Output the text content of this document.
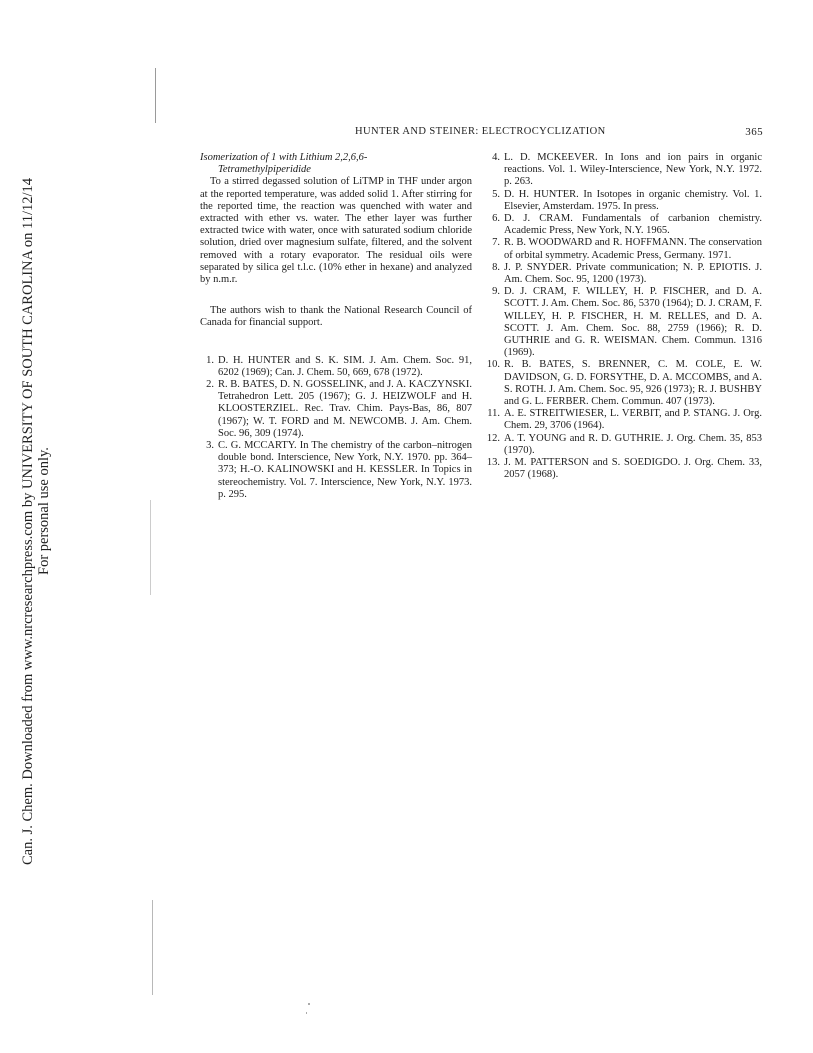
Can. J. Chem. Downloaded from www.nrcresearchpress.com by UNIVERSITY OF SOUTH CAROLINA on 11/12/14 For personal use only.
HUNTER AND STEINER: ELECTROCYCLIZATION	365
Isomerization of 1 with Lithium 2,2,6,6-
Tetramethylpiperidide

To a stirred degassed solution of LiTMP in THF under argon at the reported temperature, was added solid 1. After stirring for the reported time, the reaction was quenched with water and extracted with ether vs. water. The ether layer was further extracted twice with water, once with saturated sodium chloride solution, dried over magnesium sulfate, filtered, and the solvent removed with a rotary evaporator. The residual oils were separated by silica gel t.l.c. (10% ether in hexane) and analyzed by n.m.r.

The authors wish to thank the National Research Council of Canada for financial support.

1. D. H. HUNTER and S. K. SIM. J. Am. Chem. Soc. 91, 6202 (1969); Can. J. Chem. 50, 669, 678 (1972).
2. R. B. BATES, D. N. GOSSELINK, and J. A. KACZYNSKI. Tetrahedron Lett. 205 (1967); G. J. HEIZWOLF and H. KLOOSTERZIEL. Rec. Trav. Chim. Pays-Bas, 86, 807 (1967); W. T. FORD and M. NEWCOMB. J. Am. Chem. Soc. 96, 309 (1974).
3. C. G. MCCARTY. In The chemistry of the carbon–nitrogen double bond. Interscience, New York, N.Y. 1970. pp. 364–373; H.-O. KALINOWSKI and H. KESSLER. In Topics in stereochemistry. Vol. 7. Interscience, New York, N.Y. 1973. p. 295.
4. L. D. MCKEEVER. In Ions and ion pairs in organic reactions. Vol. 1. Wiley-Interscience, New York, N.Y. 1972. p. 263.
5. D. H. HUNTER. In Isotopes in organic chemistry. Vol. 1. Elsevier, Amsterdam. 1975. In press.
6. D. J. CRAM. Fundamentals of carbanion chemistry. Academic Press, New York, N.Y. 1965.
7. R. B. WOODWARD and R. HOFFMANN. The conservation of orbital symmetry. Academic Press, Germany. 1971.
8. J. P. SNYDER. Private communication; N. P. EPIOTIS. J. Am. Chem. Soc. 95, 1200 (1973).
9. D. J. CRAM, F. WILLEY, H. P. FISCHER, and D. A. SCOTT. J. Am. Chem. Soc. 86, 5370 (1964); D. J. CRAM, F. WILLEY, H. P. FISCHER, H. M. RELLES, and D. A. SCOTT. J. Am. Chem. Soc. 88, 2759 (1966); R. D. GUTHRIE and G. R. WEISMAN. Chem. Commun. 1316 (1969).
10. R. B. BATES, S. BRENNER, C. M. COLE, E. W. DAVIDSON, G. D. FORSYTHE, D. A. MCCOMBS, and A. S. ROTH. J. Am. Chem. Soc. 95, 926 (1973); R. J. BUSHBY and G. L. FERBER. Chem. Commun. 407 (1973).
11. A. E. STREITWIESER, L. VERBIT, and P. STANG. J. Org. Chem. 29, 3706 (1964).
12. A. T. YOUNG and R. D. GUTHRIE. J. Org. Chem. 35, 853 (1970).
13. J. M. PATTERSON and S. SOEDIGDO. J. Org. Chem. 33, 2057 (1968).
